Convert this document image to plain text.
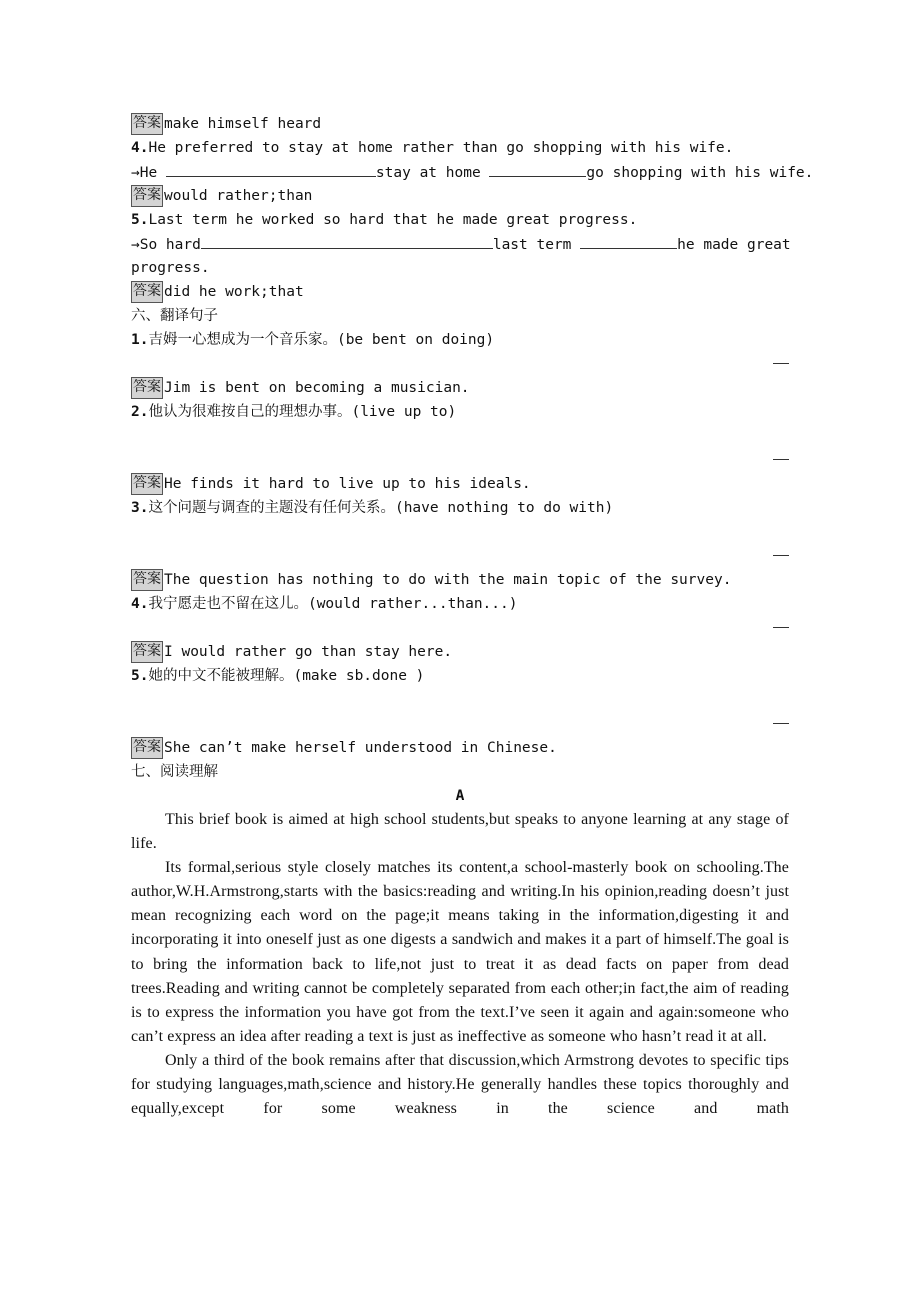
答案 make himself heard
4.He preferred to stay at home rather than go shopping with his wife.
→He	stay at home	go shopping with his wife.
答案 would rather;than
5.Last term he worked so hard that he made great progress.
→So hard	last term	he made great
progress.
答案 did he work;that
六、翻译句子
1.吉姆一心想成为一个音乐家。(be bent on doing)
答案 Jim is bent on becoming a musician.
2.他认为很难按自己的理想办事。(live up to)
答案 He finds it hard to live up to his ideals.
3.这个问题与调查的主题没有任何关系。(have nothing to do with)
答案 The question has nothing to do with the main topic of the survey.
4.我宁愿走也不留在这儿。(would rather...than...)
答案 I would rather go than stay here.
5.她的中文不能被理解。(make sb.done )
答案 She can’t make herself understood in Chinese.
七、阅读理解
A

This brief book is aimed at high school students,but speaks to anyone learning at any stage of life.

Its formal,serious style closely matches its content,a school-masterly book on schooling.The author,W.H.Armstrong,starts with the basics:reading and writing.In his opinion,reading doesn’t just mean recognizing each word on the page;it means taking in the information,digesting it and incorporating it into oneself just as one digests a sandwich and makes it a part of himself.The goal is to bring the information back to life,not just to treat it as dead facts on paper from dead trees.Reading and writing cannot be completely separated from each other;in fact,the aim of reading is to express the information you have got from the text.I’ve seen it again and again:someone who can’t express an idea after reading a text is just as ineffective as someone who hasn’t read it at all.

Only a third of the book remains after that discussion,which Armstrong devotes to specific tips for studying languages,math,science and history.He generally handles these topics thoroughly and equally,except for some weakness in the science and math
